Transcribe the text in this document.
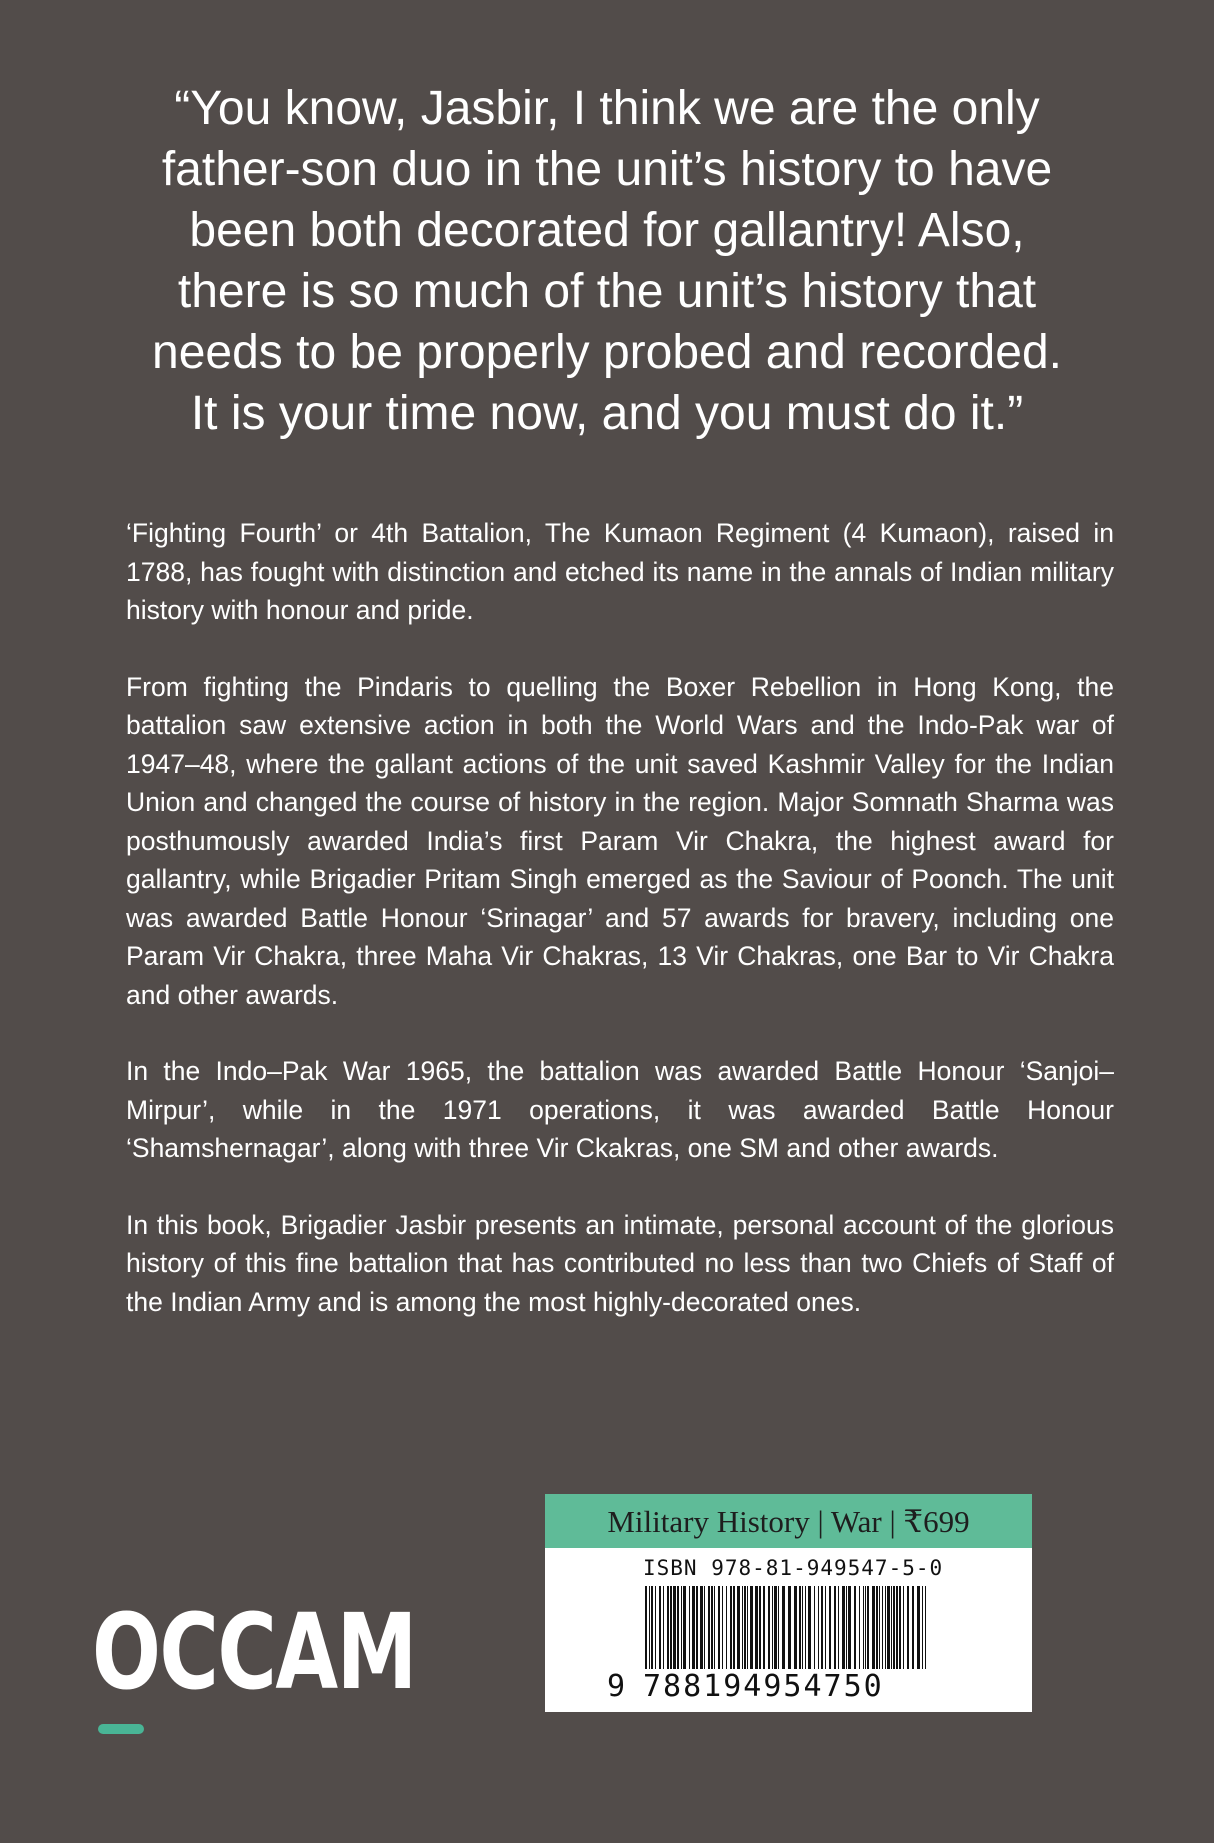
“You know, Jasbir, I think we are the only
father-son duo in the unit’s history to have
been both decorated for gallantry! Also,
there is so much of the unit’s history that
needs to be properly probed and recorded.
It is your time now, and you must do it.”

‘Fighting Fourth’ or 4th Battalion, The Kumaon Regiment (4 Kumaon), raised in 1788, has fought with distinction and etched its name in the annals of Indian military history with honour and pride.

From fighting the Pindaris to quelling the Boxer Rebellion in Hong Kong, the battalion saw extensive action in both the World Wars and the Indo-Pak war of 1947–48, where the gallant actions of the unit saved Kashmir Valley for the Indian Union and changed the course of history in the region. Major Somnath Sharma was posthumously awarded India’s first Param Vir Chakra, the highest award for gallantry, while Brigadier Pritam Singh emerged as the Saviour of Poonch. The unit was awarded Battle Honour ‘Srinagar’ and 57 awards for bravery, including one Param Vir Chakra, three Maha Vir Chakras, 13 Vir Chakras, one Bar to Vir Chakra and other awards.

In the Indo–Pak War 1965, the battalion was awarded Battle Honour ‘Sanjoi–Mirpur’, while in the 1971 operations, it was awarded Battle Honour ‘Shamshernagar’, along with three Vir Ckakras, one SM and other awards.

In this book, Brigadier Jasbir presents an intimate, personal account of the glorious history of this fine battalion that has contributed no less than two Chiefs of Staff of the Indian Army and is among the most highly-decorated ones.

Military History | War | ₹699
ISBN 978-81-949547-5-0
9 788194954750
OCCAM
